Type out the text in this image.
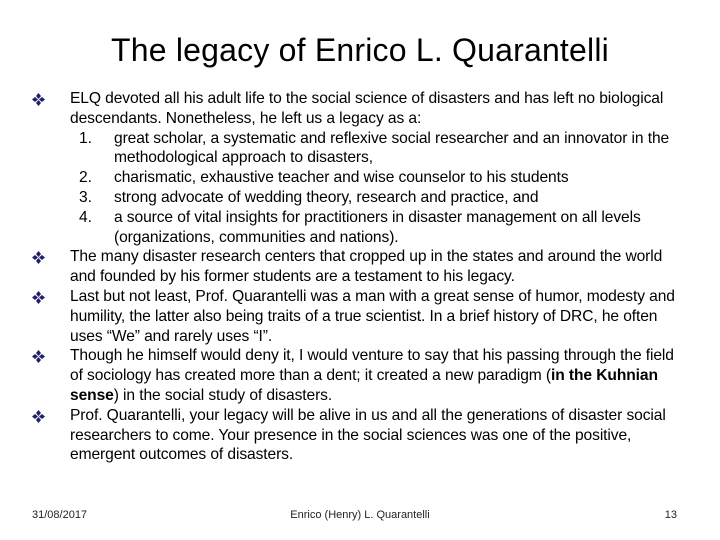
The legacy of Enrico L. Quarantelli
ELQ devoted all his adult life to the social science of disasters and has left no biological descendants. Nonetheless, he left us a legacy as a:
1. great scholar, a systematic and reflexive social researcher and an innovator in the methodological approach to disasters,
2. charismatic, exhaustive teacher and wise counselor to his students
3. strong advocate of wedding theory, research and practice, and
4. a source of vital insights for practitioners in disaster management on all levels (organizations, communities and nations).
The many disaster research centers that cropped up in the states and around the world and founded by his former students are a testament to his legacy.
Last but not least, Prof. Quarantelli was a man with a great sense of humor, modesty and humility, the latter also being traits of a true scientist. In a brief history of DRC, he often uses “We” and rarely uses “I”.
Though he himself would deny it, I would venture to say that his passing through the field of sociology has created more than a dent; it created a new paradigm (in the Kuhnian sense) in the social study of disasters.
Prof. Quarantelli, your legacy will be alive in us and all the generations of disaster social researchers to come. Your presence in the social sciences was one of the positive, emergent outcomes of disasters.
31/08/2017	Enrico (Henry) L. Quarantelli	13
